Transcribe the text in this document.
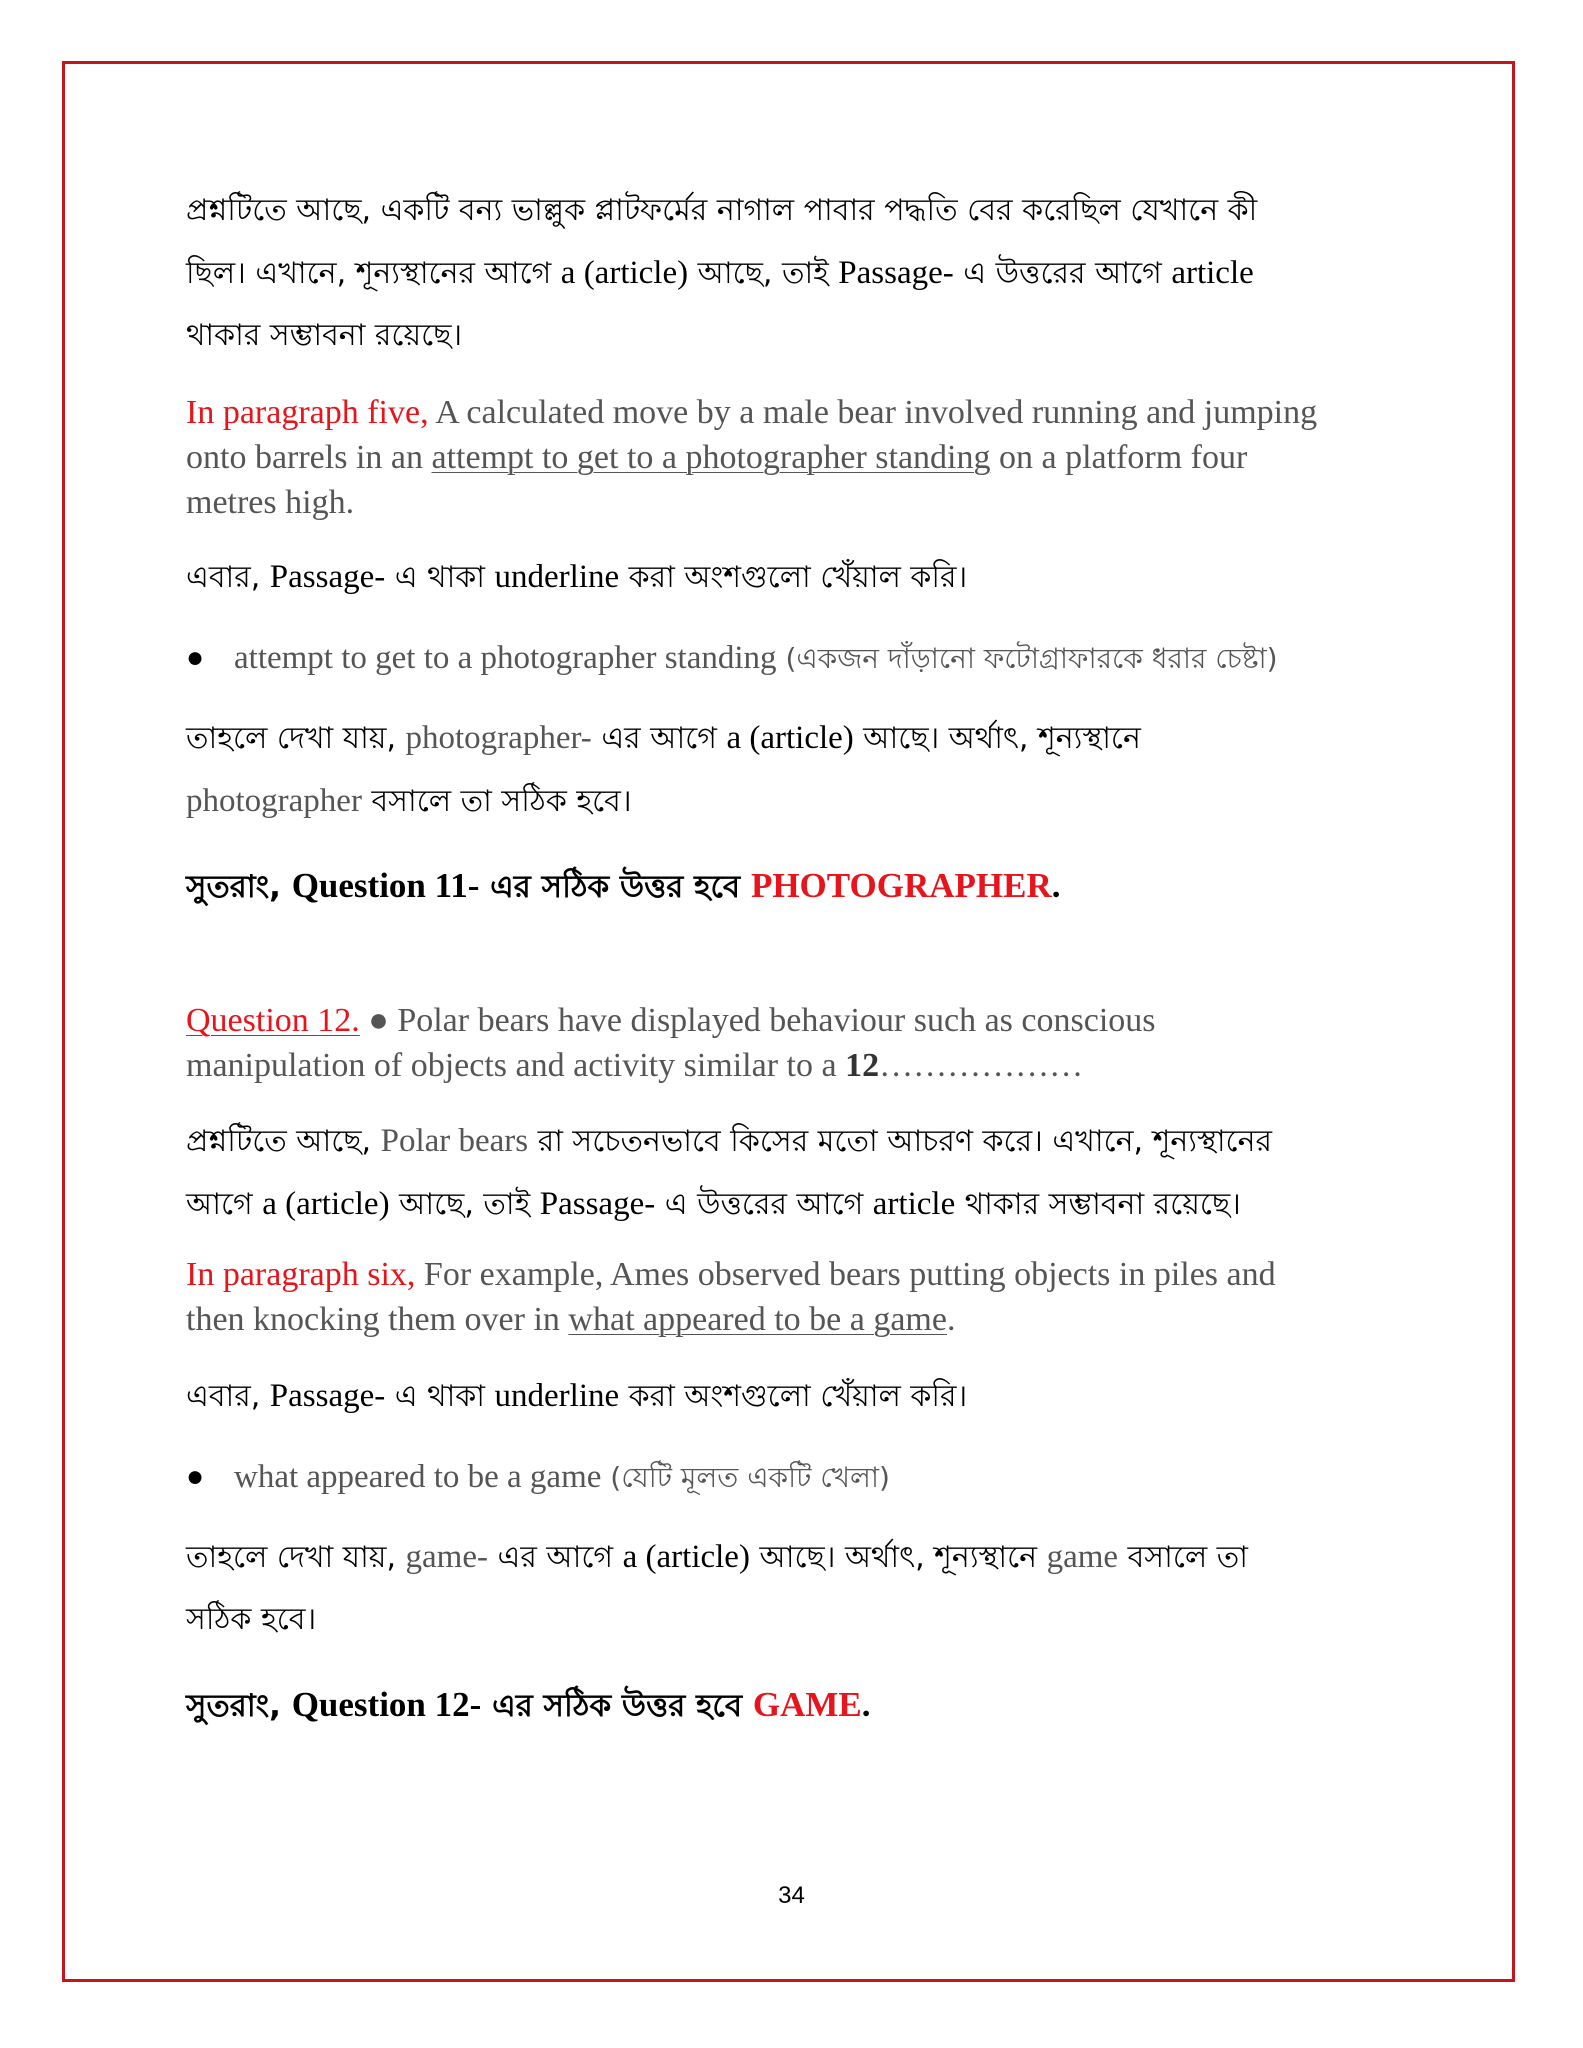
প্রশ্নটিতে আছে, একটি বন্য ভাল্লুক প্লাটফর্মের নাগাল পাবার পদ্ধতি বের করেছিল যেখানে কী

ছিল। এখানে, শূন্যস্থানের আগে a (article) আছে, তাই Passage- এ উত্তরের আগে article

থাকার সম্ভাবনা রয়েছে।

In paragraph five, A calculated move by a male bear involved running and jumping

onto barrels in an attempt to get to a photographer standing on a platform four

metres high.

এবার, Passage- এ থাকা underline করা অংশগুলো খেঁয়াল করি।

● attempt to get to a photographer standing (একজন দাঁড়ানো ফটোগ্রাফারকে ধরার চেষ্টা)

তাহলে দেখা যায়, photographer- এর আগে a (article) আছে। অর্থাৎ, শূন্যস্থানে

photographer বসালে তা সঠিক হবে।

সুতরাং, Question 11- এর সঠিক উত্তর হবে PHOTOGRAPHER.

Question 12. ● Polar bears have displayed behaviour such as conscious

manipulation of objects and activity similar to a 12………………

প্রশ্নটিতে আছে, Polar bears রা সচেতনভাবে কিসের মতো আচরণ করে। এখানে, শূন্যস্থানের

আগে a (article) আছে, তাই Passage- এ উত্তরের আগে article থাকার সম্ভাবনা রয়েছে।

In paragraph six, For example, Ames observed bears putting objects in piles and

then knocking them over in what appeared to be a game.

এবার, Passage- এ থাকা underline করা অংশগুলো খেঁয়াল করি।

● what appeared to be a game (যেটি মূলত একটি খেলা)

তাহলে দেখা যায়, game- এর আগে a (article) আছে। অর্থাৎ, শূন্যস্থানে game বসালে তা

সঠিক হবে।

সুতরাং, Question 12- এর সঠিক উত্তর হবে GAME.

34
